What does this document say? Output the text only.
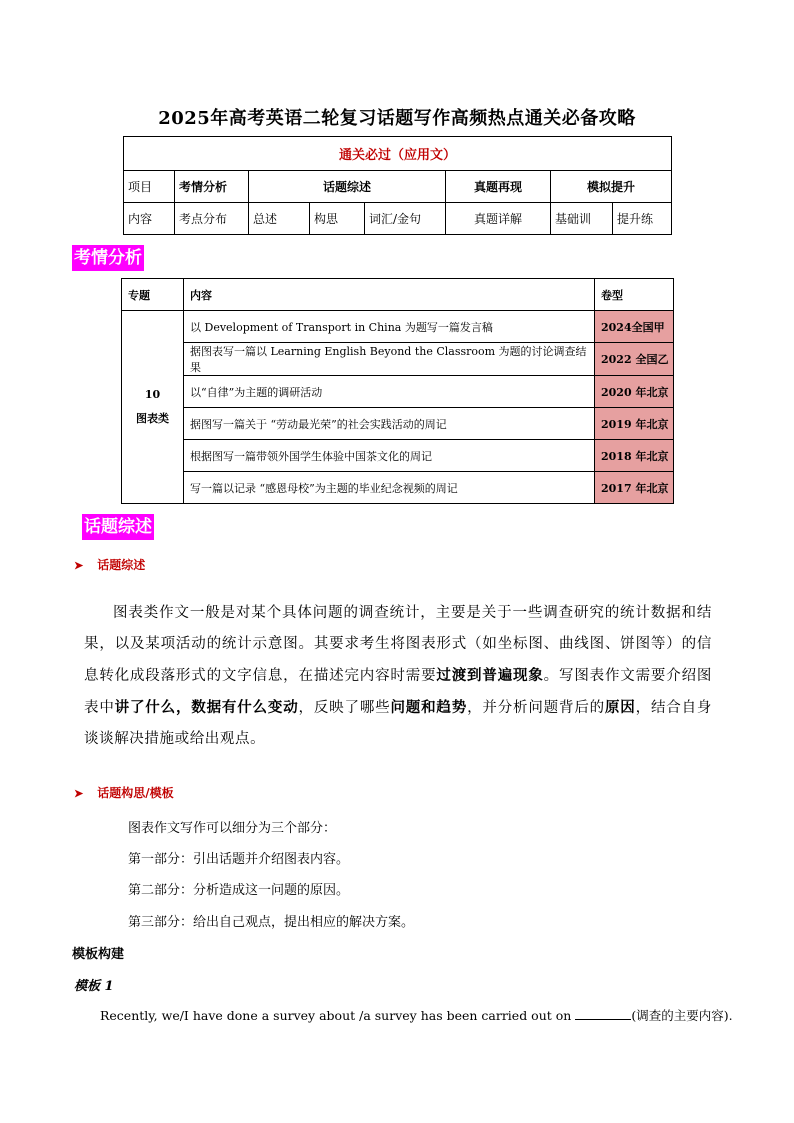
2025年高考英语二轮复习话题写作高频热点通关必备攻略
通关必过（应用文）							
项目	考情分析	话题综述			真题再现	模拟提升	
内容	考点分布	总述	构思	词汇/金句	真题详解	基础训	提升练
考情分析
专题	内容	卷型
10
图表类	以 Development of Transport in China 为题写一篇发言稿	2024全国甲
	据图表写一篇以 Learning English Beyond the Classroom 为题的讨论调查结果	2022 全国乙
	以“自律”为主题的调研活动	2020 年北京
	据图写一篇关于 “劳动最光荣”的社会实践活动的周记	2019 年北京
	根据图写一篇带领外国学生体验中国茶文化的周记	2018 年北京
	写一篇以记录 “感恩母校”为主题的毕业纪念视频的周记	2017 年北京
话题综述
➤ 话题综述
图表类作文一般是对某个具体问题的调查统计，主要是关于一些调查研究的统计数据和结果，以及某项活动的统计示意图。其要求考生将图表形式（如坐标图、曲线图、饼图等）的信息转化成段落形式的文字信息，在描述完内容时需要过渡到普遍现象。写图表作文需要介绍图表中讲了什么，数据有什么变动，反映了哪些问题和趋势，并分析问题背后的原因，结合自身谈谈解决措施或给出观点。
➤ 话题构思/模板
图表作文写作可以细分为三个部分：
第一部分：引出话题并介绍图表内容。
第二部分：分析造成这一问题的原因。
第三部分：给出自己观点，提出相应的解决方案。
模板构建
模板 1
Recently, we/I have done a survey about /a survey has been carried out on	(调查的主要内容).
